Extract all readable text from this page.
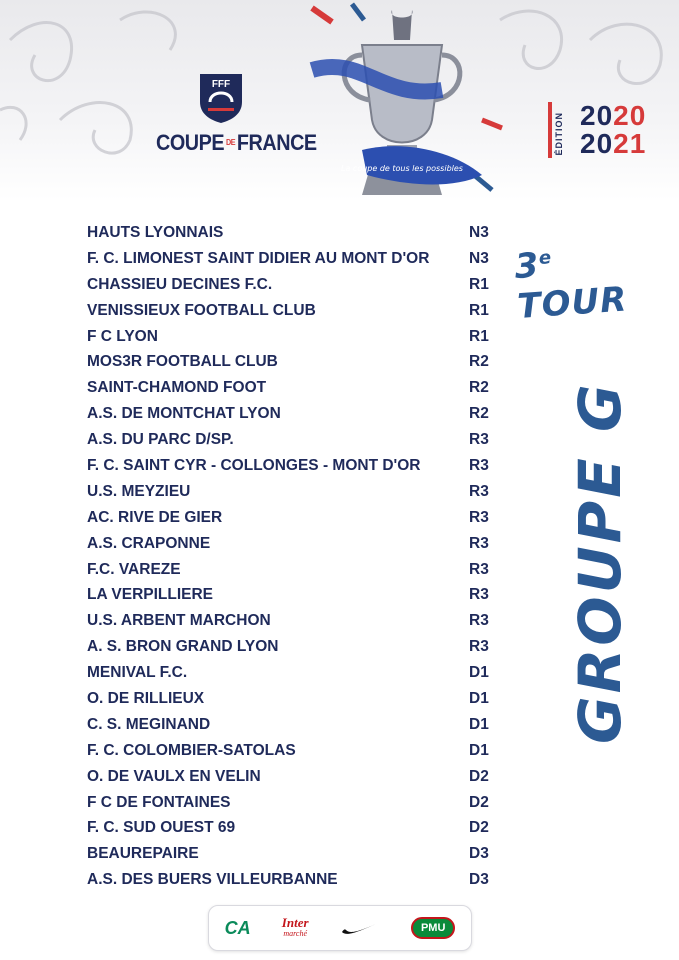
FFF
COUPE DE FRANCE
La coupe de tous les possibles
ÉDITION 2020
2021
3e TOUR
GROUPE G
HAUTS LYONNAIS	N3
F. C. LIMONEST SAINT DIDIER AU MONT D'OR	N3
CHASSIEU DECINES F.C.	R1
VENISSIEUX FOOTBALL CLUB	R1
F C LYON	R1
MOS3R FOOTBALL CLUB	R2
SAINT-CHAMOND FOOT	R2
A.S. DE MONTCHAT LYON	R2
A.S. DU PARC D/SP.	R3
F. C. SAINT CYR - COLLONGES - MONT D'OR	R3
U.S. MEYZIEU	R3
AC. RIVE DE GIER	R3
A.S. CRAPONNE	R3
F.C. VAREZE	R3
LA VERPILLIERE	R3
U.S. ARBENT MARCHON	R3
A. S. BRON GRAND LYON	R3
MENIVAL F.C.	D1
O. DE RILLIEUX	D1
C. S. MEGINAND	D1
F. C. COLOMBIER-SATOLAS	D1
O. DE VAULX EN VELIN	D2
F C DE FONTAINES	D2
F. C. SUD OUEST 69	D2
BEAUREPAIRE	D3
A.S. DES BUERS VILLEURBANNE	D3
CA Inter
marché	PMU
